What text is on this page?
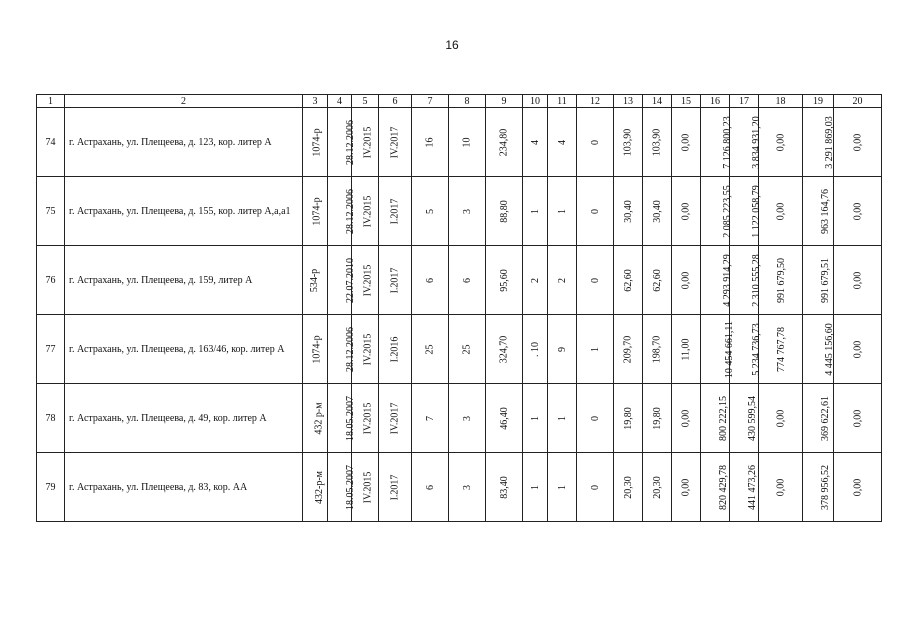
16
1	2	3	4	5	6	7	8	9	10	11	12	13	14	15	16	17	18	19	20
74	г. Астрахань, ул. Плещеева, д. 123, кор. литер А	1074-р	28.12.2006	IV.2015	IV.2017	16	10	234,80	4	4	0	103,90	103,90	0,00	7 126 800,23	3 834 931,20	0,00	3 291 869,03	0,00
75	г. Астрахань, ул. Плещеева, д. 155, кор. литер А,а,а1	1074-р	28.12.2006	IV.2015	I.2017	5	3	88,80	1	1	0	30,40	30,40	0,00	2 085 223,55	1 122 058,79	0,00	963 164,76	0,00
76	г. Астрахань, ул. Плещеева, д. 159, литер А	534-р	22.07.2010	IV.2015	I.2017	6	6	95,60	2	2	0	62,60	62,60	0,00	4 293 914,29	2 310 555,28	991 679,50	991 679,51	0,00
77	г. Астрахань, ул. Плещеева, д. 163/46, кор. литер А	1074-р	28.12.2006	IV.2015	I.2016	25	25	324,70	. 10	9	1	209,70	198,70	11,00	10 454 661,11	5 234 736,73	774 767,78	4 445 156,60	0,00
78	г. Астрахань, ул. Плещеева, д. 49, кор. литер А	432 р-м	18.05.2007	IV.2015	IV.2017	7	3	46,40	1	1	0	19,80	19,80	0,00	800 222,15	430 599,54	0,00	369 622,61	0,00
79	г. Астрахань, ул. Плещеева, д. 83, кор. АА	432-р-м	18.05.2007	IV.2015	I.2017	6	3	83,40	1	1	0	20,30	20,30	0,00	820 429,78	441 473,26	0,00	378 956,52	0,00
